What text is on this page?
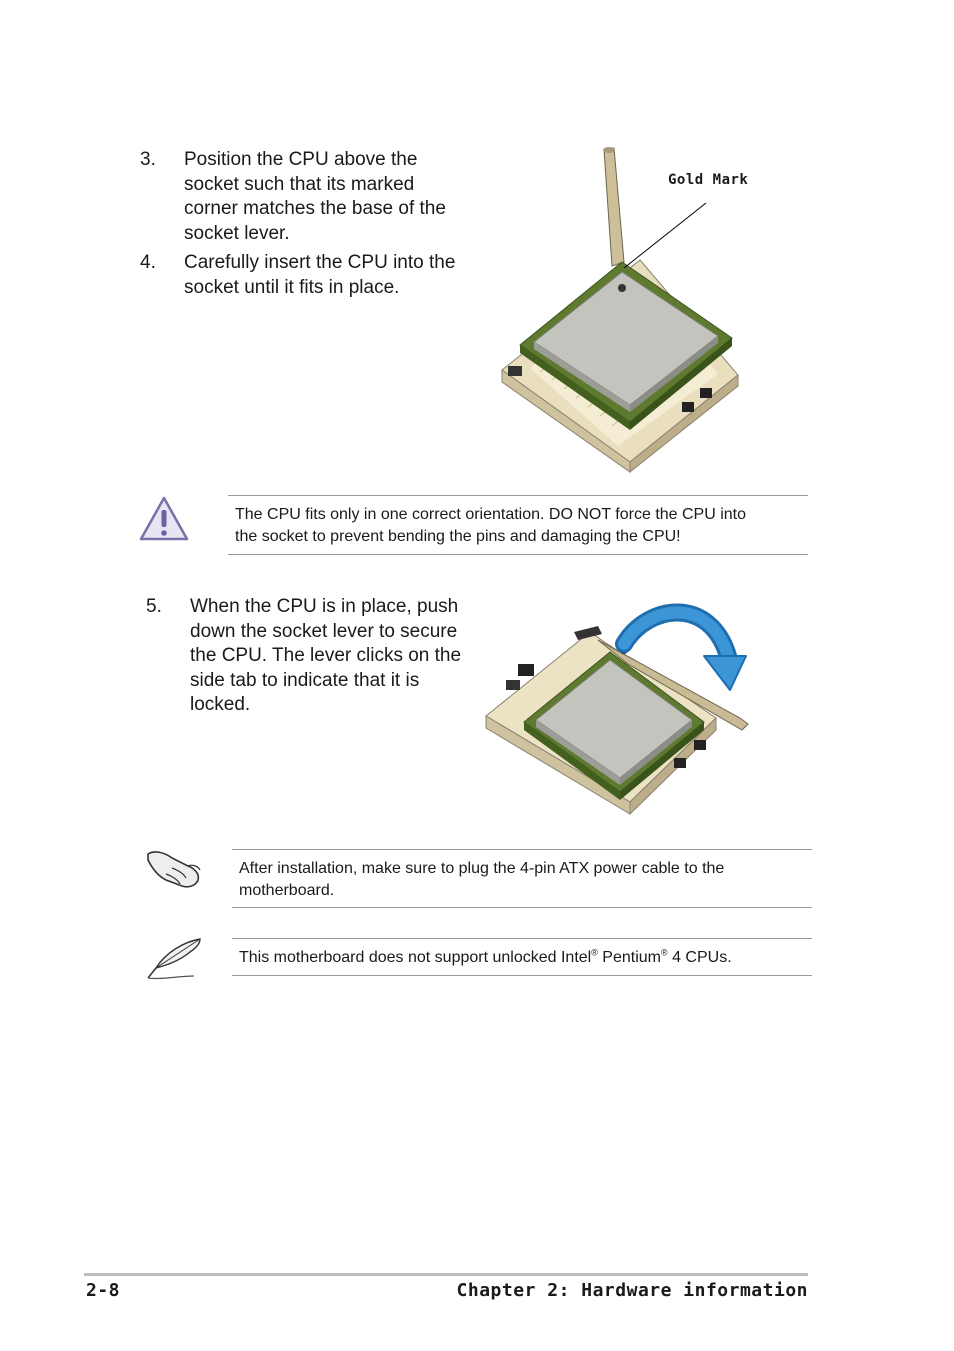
3. Position the CPU above the
socket such that its marked
corner matches the base of the
socket lever.
4. Carefully insert the CPU into the
socket until it fits in place.
Gold Mark
The CPU fits only in one correct orientation. DO NOT force the CPU into
the socket to prevent bending the pins and damaging the CPU!
5. When the CPU is in place, push
down the socket lever to secure
the CPU. The lever clicks on the
side tab to indicate that it is
locked.
After installation, make sure to plug the 4-pin ATX power cable to the
motherboard.
This motherboard does not support unlocked Intel® Pentium® 4 CPUs.
2-8	Chapter 2: Hardware information
